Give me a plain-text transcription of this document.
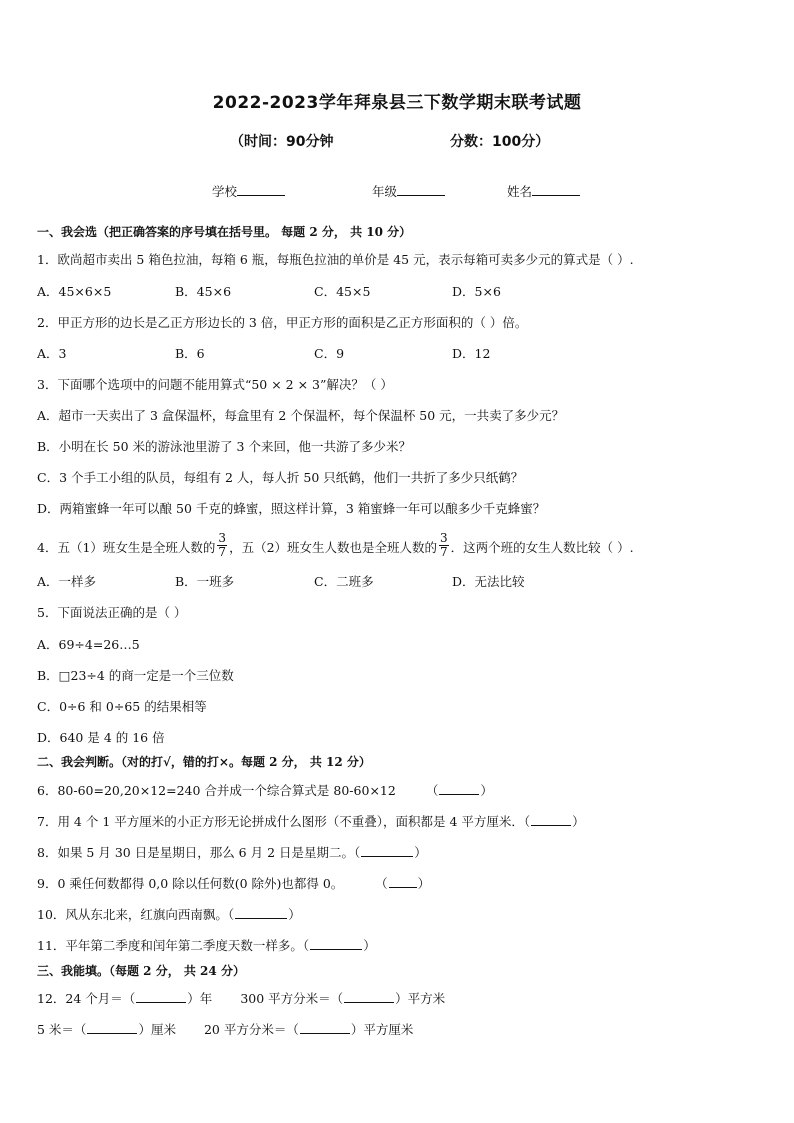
2022-2023学年拜泉县三下数学期末联考试题
（时间：90分钟	分数：100分）
学校	年级	姓名
一、我会选（把正确答案的序号填在括号里。 每题 2 分， 共 10 分）
1．欧尚超市卖出 5 箱色拉油，每箱 6 瓶，每瓶色拉油的单价是 45 元，表示每箱可卖多少元的算式是（ ）.
A．45×6×5	B．45×6	C．45×5	D．5×6
2．甲正方形的边长是乙正方形边长的 3 倍，甲正方形的面积是乙正方形面积的（ ）倍。
A．3	B．6	C．9	D．12
3．下面哪个选项中的问题不能用算式“50 × 2 × 3”解决？（ ）
A．超市一天卖出了 3 盒保温杯，每盒里有 2 个保温杯，每个保温杯 50 元，一共卖了多少元？
B．小明在长 50 米的游泳池里游了 3 个来回，他一共游了多少米？
C．3 个手工小组的队员，每组有 2 人，每人折 50 只纸鹤，他们一共折了多少只纸鹤？
D．两箱蜜蜂一年可以酿 50 千克的蜂蜜，照这样计算，3 箱蜜蜂一年可以酿多少千克蜂蜜？
4．五（1）班女生是全班人数的 $\frac{3}{7}$ ，五（2）班女生人数也是全班人数的 $\frac{3}{7}$ ．这两个班的女生人数比较（ ）.
A．一样多	B．一班多	C．二班多	D．无法比较
5．下面说法正确的是（ ）
A．69÷4=26…5
B．□23÷4 的商一定是一个三位数
C．0÷6 和 0÷65 的结果相等
D．640 是 4 的 16 倍
二、我会判断。（对的打√，错的打×。每题 2 分， 共 12 分）
6．80-60=20,20×12=240 合并成一个综合算式是 80-60×12 （	）
7．用 4 个 1 平方厘米的小正方形无论拼成什么图形（不重叠），面积都是 4 平方厘米．（	）
8．如果 5 月 30 日是星期日，那么 6 月 2 日是星期二。（	）
9．0 乘任何数都得 0,0 除以任何数(0 除外)也都得 0。	（ ）
10．风从东北来，红旗向西南飘。（	）
11．平年第二季度和闰年第二季度天数一样多。（	）
三、我能填。（每题 2 分， 共 24 分）
12．24 个月＝（	）年 300 平方分米＝（	）平方米
5 米＝（	）厘米 20 平方分米＝（	）平方厘米
